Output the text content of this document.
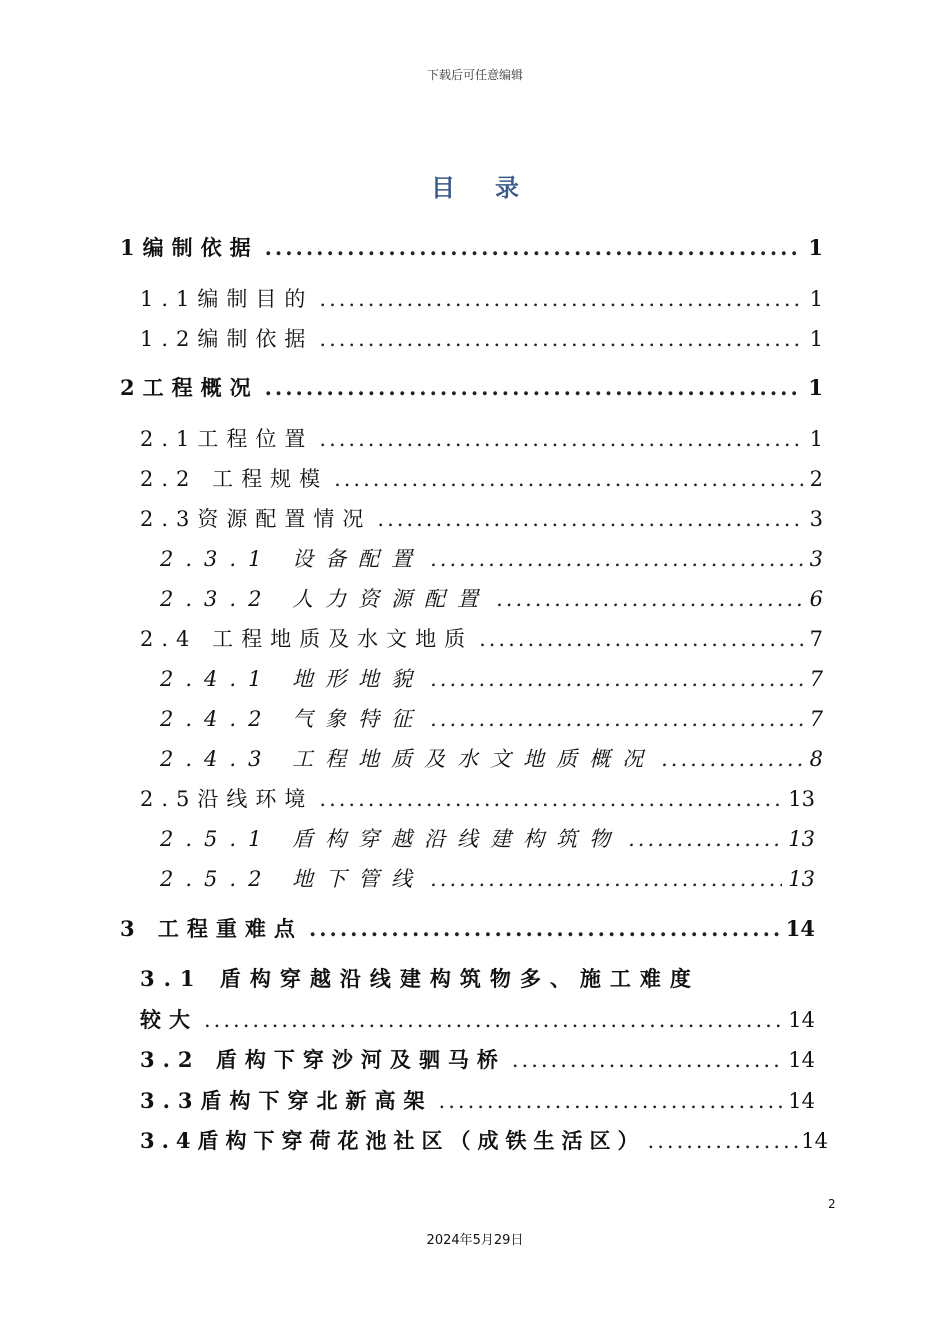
下载后可任意编辑
目录
1编制依据 .....	1
1.1编制目的 .....	1
1.2编制依据 .....	1
2工程概况 .....	1
2.1工程位置 .....	1
2.2 工程规模 .....	2
2.3资源配置情况 .....	3
2.3.1 设备配置 .....	3
2.3.2 人力资源配置 .....	6
2.4 工程地质及水文地质 .....	7
2.4.1 地形地貌 .....	7
2.4.2 气象特征 .....	7
2.4.3 工程地质及水文地质概况 .....	8
2.5沿线环境 .....	13
2.5.1 盾构穿越沿线建构筑物 .....	13
2.5.2 地下管线 .....	13
3 工程重难点 .....	14
3.1 盾构穿越沿线建构筑物多、施工难度
较大 .....	14
3.2 盾构下穿沙河及驷马桥 .....	14
3.3盾构下穿北新高架 .....	14
3.4盾构下穿荷花池社区（成铁生活区） .....	14
2
2024年5月29日
